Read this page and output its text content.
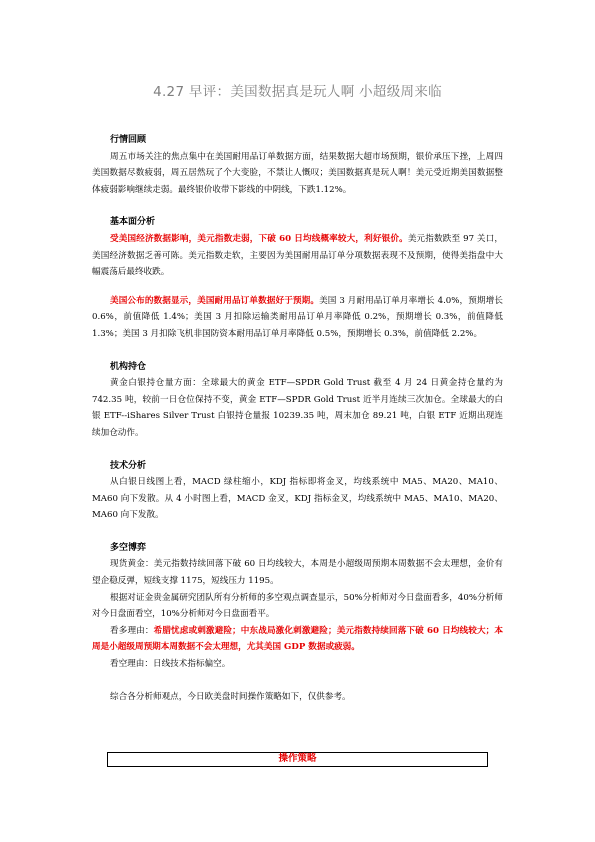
4.27 早评：美国数据真是玩人啊 小超级周来临
行情回顾

周五市场关注的焦点集中在美国耐用品订单数据方面，结果数据大超市场预期，银价承压下挫，上周四美国数据尽数疲弱，周五居然玩了个大变脸，不禁让人慨叹；美国数据真是玩人啊！美元受近期美国数据整体疲弱影响继续走弱。最终银价收带下影线的中阴线，下跌1.12%。

基本面分析

受美国经济数据影响，美元指数走弱，下破 60 日均线概率较大，利好银价。美元指数跌至 97 关口，美国经济数据乏善可陈。美元指数走软，主要因为美国耐用品订单分项数据表现不及预期，使得美指盘中大幅震荡后最终收跌。

美国公布的数据显示，美国耐用品订单数据好于预期。美国 3 月耐用品订单月率增长 4.0%，预期增长 0.6%，前值降低 1.4%；美国 3 月扣除运输类耐用品订单月率降低 0.2%，预期增长 0.3%，前值降低 1.3%；美国 3 月扣除飞机非国防资本耐用品订单月率降低 0.5%，预期增长 0.3%，前值降低 2.2%。

机构持仓

黄金白银持仓量方面：全球最大的黄金 ETF—SPDR Gold Trust 截至 4 月 24 日黄金持仓量约为 742.35 吨，较前一日仓位保持不变，黄金 ETF—SPDR Gold Trust 近半月连续三次加仓。全球最大的白银 ETF--iShares Silver Trust 白银持仓量报 10239.35 吨，周末加仓 89.21 吨，白银 ETF 近期出现连续加仓动作。

技术分析

从白银日线图上看，MACD 绿柱缩小，KDJ 指标即将金叉，均线系统中 MA5、MA20、MA10、MA60 向下发散。从 4 小时图上看，MACD 金叉，KDJ 指标金叉，均线系统中 MA5、MA10、MA20、MA60 向下发散。

多空博弈

现货黄金：美元指数持续回落下破 60 日均线较大，本周是小超级周预期本周数据不会太理想，金价有望企稳反弹，短线支撑 1175，短线压力 1195。

根据对证金贵金属研究团队所有分析师的多空观点调查显示，50%分析师对今日盘面看多，40%分析师对今日盘面看空，10%分析师对今日盘面看平。

看多理由：希腊忧虑或刺激避险；中东战局激化刺激避险；美元指数持续回落下破 60 日均线较大；本周是小超级周预期本周数据不会太理想，尤其美国 GDP 数据或疲弱。

看空理由：日线技术指标偏空。

综合各分析师观点，今日欧美盘时间操作策略如下，仅供参考。

操作策略
